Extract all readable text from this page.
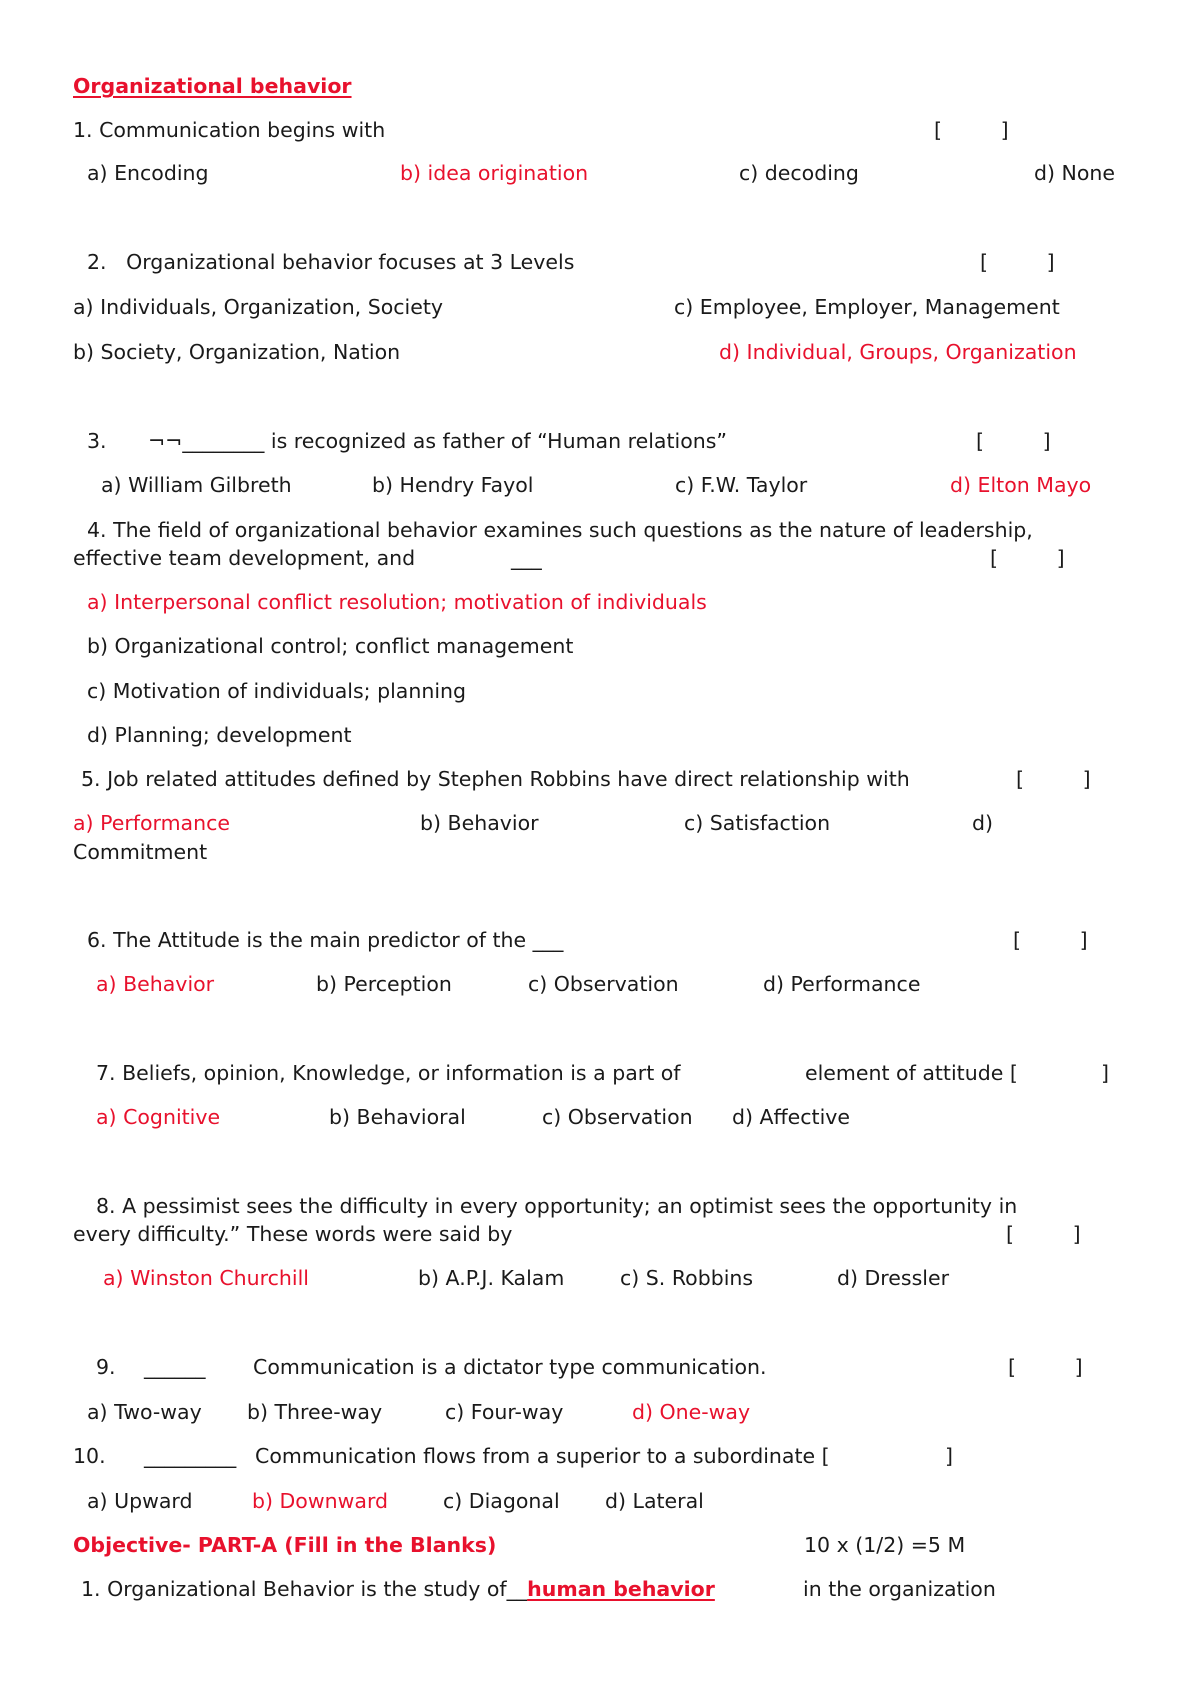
Organizational behavior
1. Communication begins with	[         ]
a) Encoding	b) idea origination	c) decoding	d) None
2.   Organizational behavior focuses at 3 Levels	[         ]
a) Individuals, Organization, Society	c) Employee, Employer, Management
b) Society, Organization, Nation	d) Individual, Groups, Organization
3. ¬¬________ is recognized as father of “Human relations”	[         ]
a) William Gilbreth	b) Hendry Fayol	c) F.W. Taylor	d) Elton Mayo
4. The field of organizational behavior examines such questions as the nature of leadership,
effective team development, and	___	[         ]
a) Interpersonal conflict resolution; motivation of individuals
b) Organizational control; conflict management
c) Motivation of individuals; planning
d) Planning; development
5. Job related attitudes defined by Stephen Robbins have direct relationship with	[         ]
a) Performance	b) Behavior	c) Satisfaction	d)
Commitment
6. The Attitude is the main predictor of the ___	[         ]
a) Behavior	b) Perception	c) Observation	d) Performance
7. Beliefs, opinion, Knowledge, or information is a part of	element of attitude [	]
a) Cognitive	b) Behavioral	c) Observation d) Affective
8. A pessimist sees the difficulty in every opportunity; an optimist sees the opportunity in
every difficulty.” These words were said by	[         ]
a) Winston Churchill	b) A.P.J. Kalam	c) S. Robbins	d) Dressler
9. ______ Communication is a dictator type communication.	[         ]
a) Two-way b) Three-way	c) Four-way	d) One-way
10. _________ Communication flows from a superior to a subordinate [	]
a) Upward	b) Downward	c) Diagonal d) Lateral
Objective- PART-A (Fill in the Blanks)	10 x (1/2) =5 M
1. Organizational Behavior is the study of__human behavior	in the organization
